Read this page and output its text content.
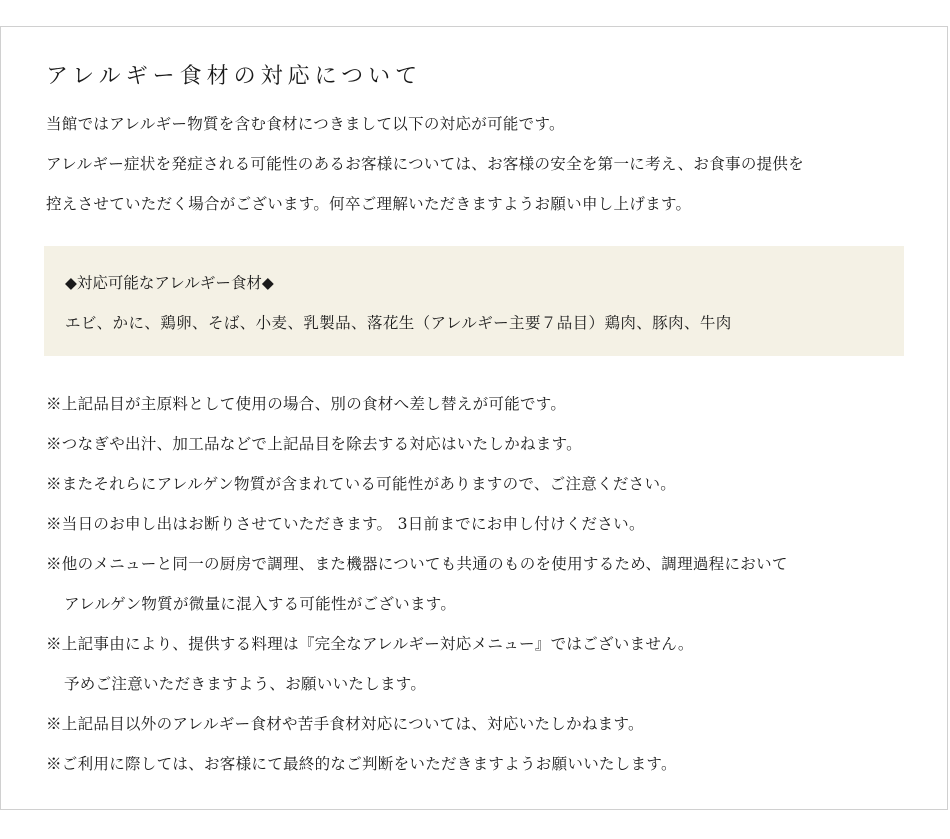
アレルギー食材の対応について

当館ではアレルギー物質を含む食材につきまして以下の対応が可能です。

アレルギー症状を発症される可能性のあるお客様については、お客様の安全を第一に考え、お食事の提供を

控えさせていただく場合がございます。何卒ご理解いただきますようお願い申し上げます。

◆対応可能なアレルギー食材◆
エビ、かに、鶏卵、そば、小麦、乳製品、落花生（アレルギー主要７品目）鶏肉、豚肉、牛肉

※上記品目が主原料として使用の場合、別の食材へ差し替えが可能です。

※つなぎや出汁、加工品などで上記品目を除去する対応はいたしかねます。

※またそれらにアレルゲン物質が含まれている可能性がありますので、ご注意ください。

※当日のお申し出はお断りさせていただきます。 3日前までにお申し付けください。

※他のメニューと同一の厨房で調理、また機器についても共通のものを使用するため、調理過程において

アレルゲン物質が微量に混入する可能性がございます。

※上記事由により、提供する料理は『完全なアレルギー対応メニュー』ではございません。

予めご注意いただきますよう、お願いいたします。

※上記品目以外のアレルギー食材や苦手食材対応については、対応いたしかねます。

※ご利用に際しては、お客様にて最終的なご判断をいただきますようお願いいたします。
